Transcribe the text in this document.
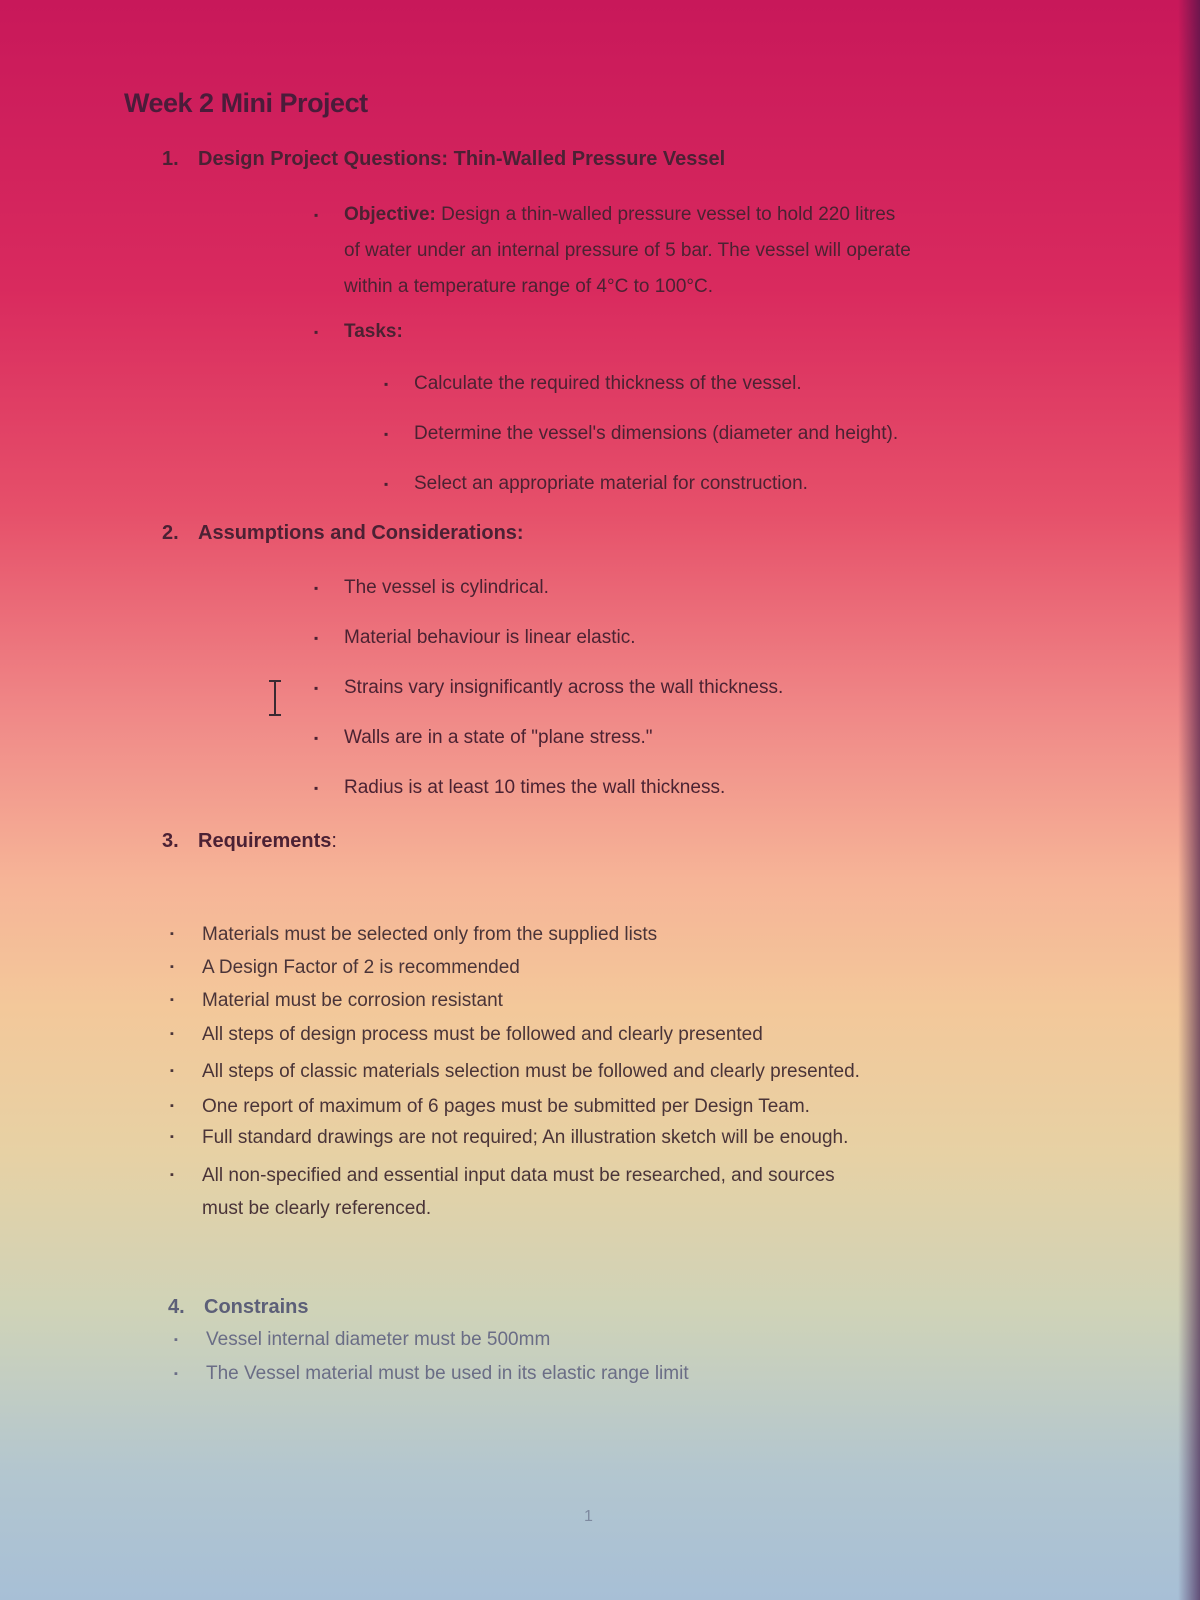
Week 2 Mini Project
1. Design Project Questions: Thin-Walled Pressure Vessel
▪ Objective: Design a thin-walled pressure vessel to hold 220 litres
of water under an internal pressure of 5 bar. The vessel will operate
within a temperature range of 4°C to 100°C.
▪ Tasks:
▪ Calculate the required thickness of the vessel.
▪ Determine the vessel's dimensions (diameter and height).
▪ Select an appropriate material for construction.
2. Assumptions and Considerations:
▪ The vessel is cylindrical.
▪ Material behaviour is linear elastic.
▪ Strains vary insignificantly across the wall thickness.
▪ Walls are in a state of "plane stress."
▪ Radius is at least 10 times the wall thickness.
3. Requirements:
▪ Materials must be selected only from the supplied lists
▪ A Design Factor of 2 is recommended
▪ Material must be corrosion resistant
▪ All steps of design process must be followed and clearly presented
▪ All steps of classic materials selection must be followed and clearly presented.
▪ One report of maximum of 6 pages must be submitted per Design Team.
▪ Full standard drawings are not required; An illustration sketch will be enough.
▪ All non-specified and essential input data must be researched, and sources
must be clearly referenced.
4. Constrains
▪ Vessel internal diameter must be 500mm
▪ The Vessel material must be used in its elastic range limit
1
